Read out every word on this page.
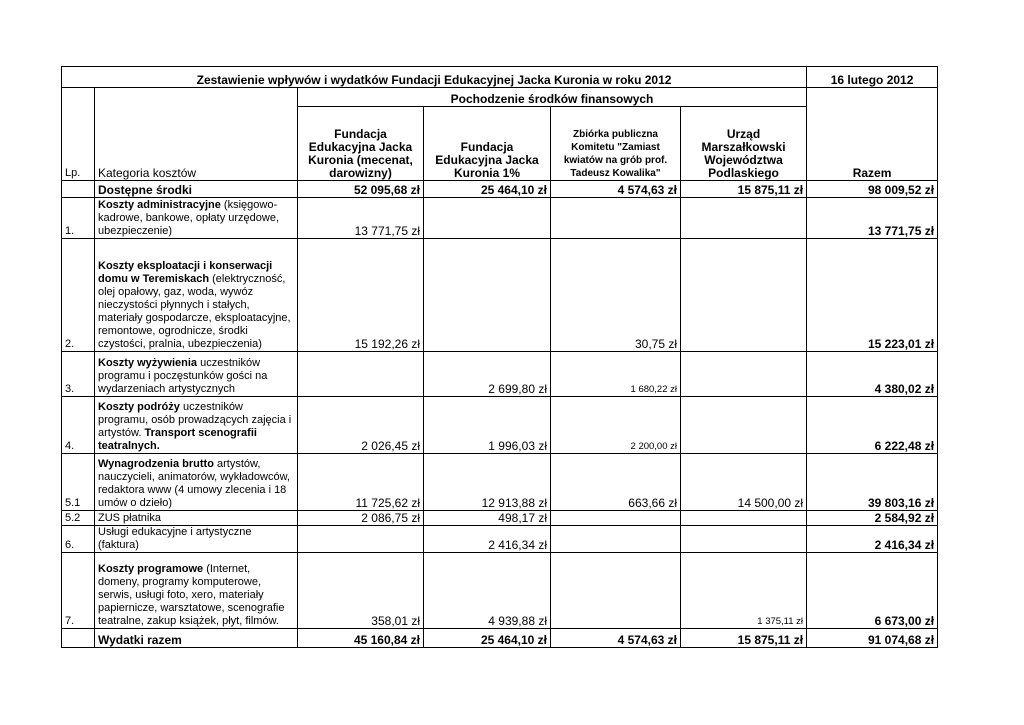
Zestawienie wpływów i wydatków Fundacji Edukacyjnej Jacka Kuronia w roku 2012						16 lutego 2012
Lp.	Kategoria kosztów	Pochodzenie środków finansowych				Razem
		Fundacja Edukacyjna Jacka Kuronia (mecenat, darowizny)	Fundacja Edukacyjna Jacka Kuronia 1%	Zbiórka publiczna Komitetu "Zamiast kwiatów na grób prof. Tadeusz Kowalika"	Urząd Marszałkowski Województwa Podlaskiego	
	Dostępne środki	52 095,68 zł	25 464,10 zł	4 574,63 zł	15 875,11 zł	98 009,52 zł
1.	Koszty administracyjne (księgowo-kadrowe, bankowe, opłaty urzędowe, ubezpieczenie)	13 771,75 zł				13 771,75 zł
2.	Koszty eksploatacji i konserwacji domu w Teremiskach (elektryczność, olej opałowy, gaz, woda, wywóz nieczystości płynnych i stałych, materiały gospodarcze, eksploatacyjne, remontowe, ogrodnicze, środki czystości, pralnia, ubezpieczenia)	15 192,26 zł		30,75 zł		15 223,01 zł
3.	Koszty wyżywienia uczestników programu i poczęstunków gości na wydarzeniach artystycznych		2 699,80 zł	1 680,22 zł		4 380,02 zł
4.	Koszty podróży uczestników programu, osób prowadzących zajęcia i artystów. Transport scenografii teatralnych.	2 026,45 zł	1 996,03 zł	2 200,00 zł		6 222,48 zł
5.1	Wynagrodzenia brutto artystów, nauczycieli, animatorów, wykładowców, redaktora www (4 umowy zlecenia i 18 umów o dzieło)	11 725,62 zł	12 913,88 zł	663,66 zł	14 500,00 zł	39 803,16 zł
5.2	ZUS płatnika	2 086,75 zł	498,17 zł			2 584,92 zł
6.	Usługi edukacyjne i artystyczne (faktura)		2 416,34 zł			2 416,34 zł
7.	Koszty programowe (Internet, domeny, programy komputerowe, serwis, usługi foto, xero, materiały papiernicze, warsztatowe, scenografie teatralne, zakup książek, płyt, filmów.	358,01 zł	4 939,88 zł		1 375,11 zł	6 673,00 zł
	Wydatki razem	45 160,84 zł	25 464,10 zł	4 574,63 zł	15 875,11 zł	91 074,68 zł
